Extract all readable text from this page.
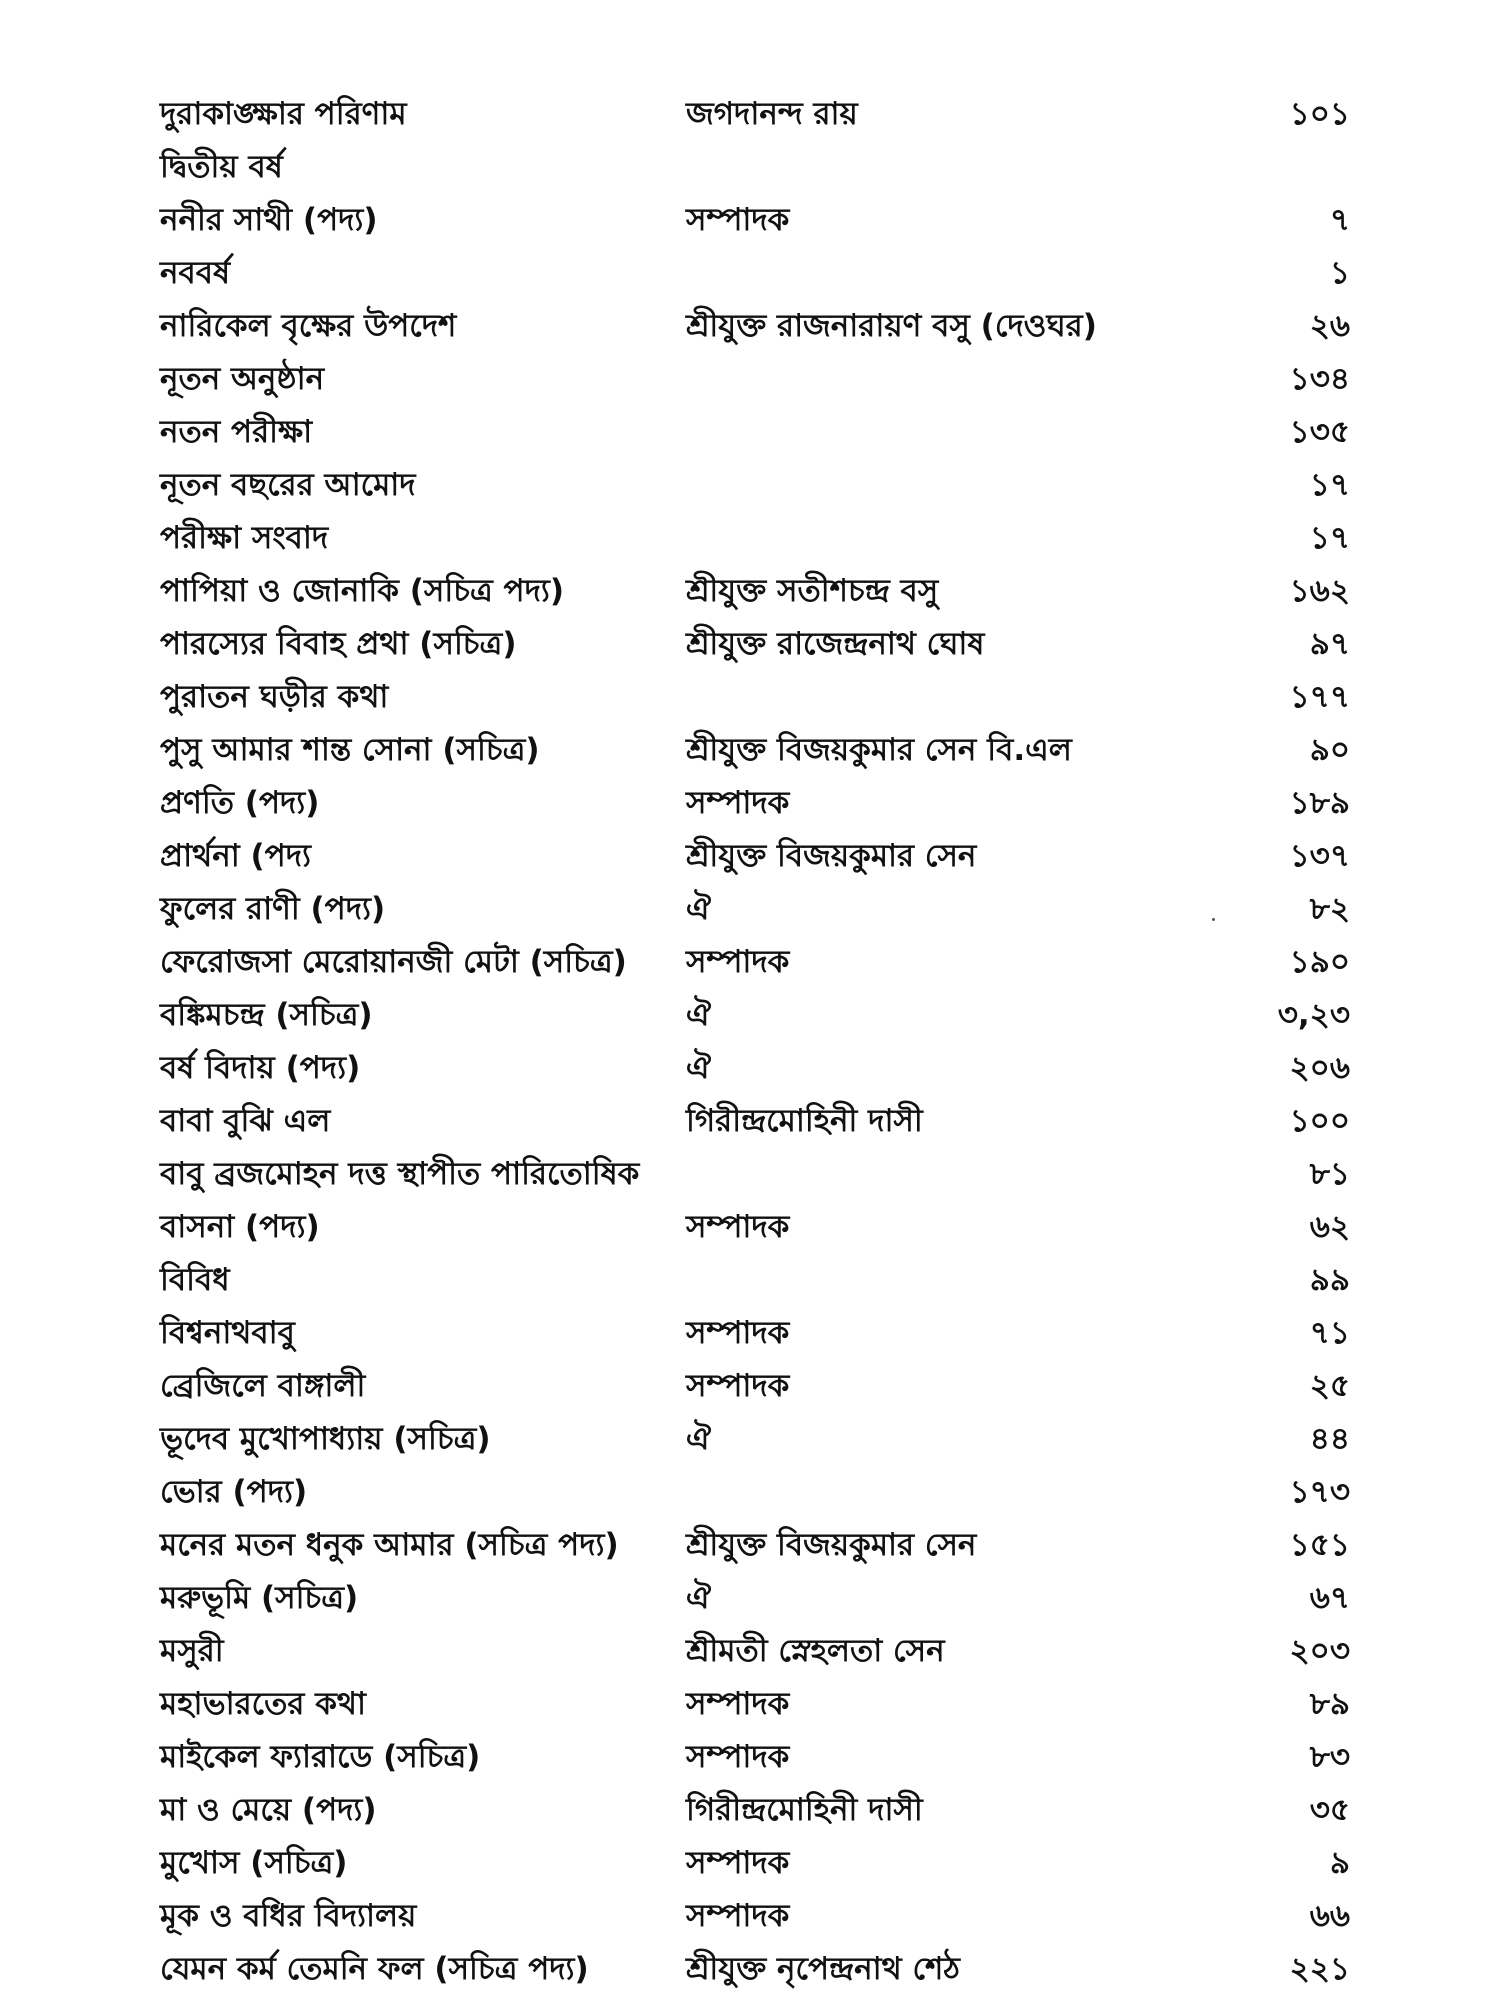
দুরাকাঙ্ক্ষার পরিণাম	জগদানন্দ রায়	১০১
দ্বিতীয় বর্ষ
ননীর সাথী (পদ্য)	সম্পাদক	৭
নববর্ষ	১
নারিকেল বৃক্ষের উপদেশ	শ্রীযুক্ত রাজনারায়ণ বসু (দেওঘর)	২৬
নূতন অনুষ্ঠান	১৩৪
নতন পরীক্ষা	১৩৫
নূতন বছরের আমোদ	১৭
পরীক্ষা সংবাদ	১৭
পাপিয়া ও জোনাকি (সচিত্র পদ্য)	শ্রীযুক্ত সতীশচন্দ্র বসু	১৬২
পারস্যের বিবাহ প্রথা (সচিত্র)	শ্রীযুক্ত রাজেন্দ্রনাথ ঘোষ	৯৭
পুরাতন ঘড়ীর কথা	১৭৭
পুসু আমার শান্ত সোনা (সচিত্র)	শ্রীযুক্ত বিজয়কুমার সেন বি.এল	৯০
প্রণতি (পদ্য)	সম্পাদক	১৮৯
প্রার্থনা (পদ্য	শ্রীযুক্ত বিজয়কুমার সেন	১৩৭
ফুলের রাণী (পদ্য)	ঐ	৮২
ফেরোজসা মেরোয়ানজী মেটা (সচিত্র) সম্পাদক	১৯০
বঙ্কিমচন্দ্র (সচিত্র)	ঐ	৩,২৩
বর্ষ বিদায় (পদ্য)	ঐ	২০৬
বাবা বুঝি এল	গিরীন্দ্রমোহিনী দাসী	১০০
বাবু ব্রজমোহন দত্ত স্থাপীত পারিতোষিক	৮১
বাসনা (পদ্য)	সম্পাদক	৬২
বিবিধ	৯৯
বিশ্বনাথবাবু	সম্পাদক	৭১
ব্রেজিলে বাঙ্গালী	সম্পাদক	২৫
ভূদেব মুখোপাধ্যায় (সচিত্র)	ঐ	৪৪
ভোর (পদ্য)	১৭৩
মনের মতন ধনুক আমার (সচিত্র পদ্য) শ্রীযুক্ত বিজয়কুমার সেন	১৫১
মরুভূমি (সচিত্র)	ঐ	৬৭
মসুরী	শ্রীমতী স্নেহলতা সেন	২০৩
মহাভারতের কথা	সম্পাদক	৮৯
মাইকেল ফ্যারাডে (সচিত্র)	সম্পাদক	৮৩
মা ও মেয়ে (পদ্য)	গিরীন্দ্রমোহিনী দাসী	৩৫
মুখোস (সচিত্র)	সম্পাদক	৯
মূক ও বধির বিদ্যালয়	সম্পাদক	৬৬
যেমন কর্ম তেমনি ফল (সচিত্র পদ্য)	শ্রীযুক্ত নৃপেন্দ্রনাথ শেঠ	২২১
